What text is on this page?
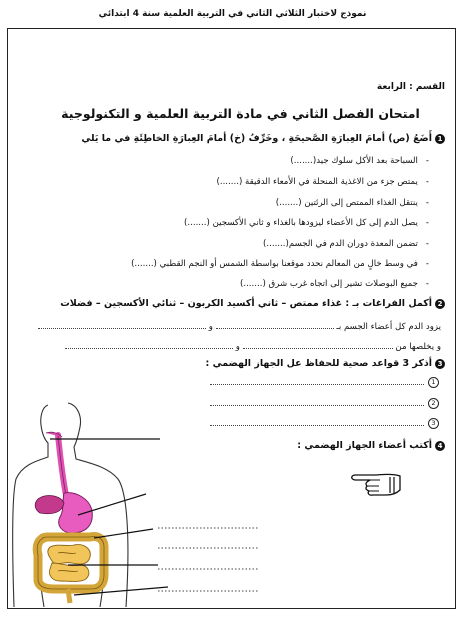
نموذج لاختبار الثلاثي الثاني في التربية العلمية سنة 4 ابتدائي
القسم : الرابعة
امتحان الفصل الثاني في مادة التربية العلمية و التكنولوجية
1أَضَعُ (ص) أمامَ العِبارَةِ الصَّحيحَةِ ، وخَرِّفُ (خ) أمامَ العِبارَةِ الخاطِئَةِ في ما يَلي
-السباحة بعد الأكل سلوك جيد(.......)
-يمتص جزء من الاغذية المنحلة في الأمعاء الدقيقة (.......)
-ينتقل الغذاء الممتص إلى الرئتين (.......)
-يصل الدم إلى كل الأعضاء ليزودها بالغذاء و ثاني الأكسجين (.......)
-تضمن المعدة دوران الدم في الجسم(.......)
-في وسط خالٍ من المعالم نحدد موقعنا بواسطة الشمس أو النجم القطبي (.......)
-جميع البوصلات تشير إلى اتجاه غرب شرق (.......)
2أكمل الفراغات بـ : غذاء ممتص – ثاني أكسيد الكربون – ثنائي الأكسجين – فضلات
يزود الدم كل أعضاء الجسم بـ  و
و يخلصها من  و
3أذكر 3 قواعد صحية للحفاظ عل الجهاز الهضمي :
1
2
3
4أكتب أعضاء الجهاز الهضمي :
